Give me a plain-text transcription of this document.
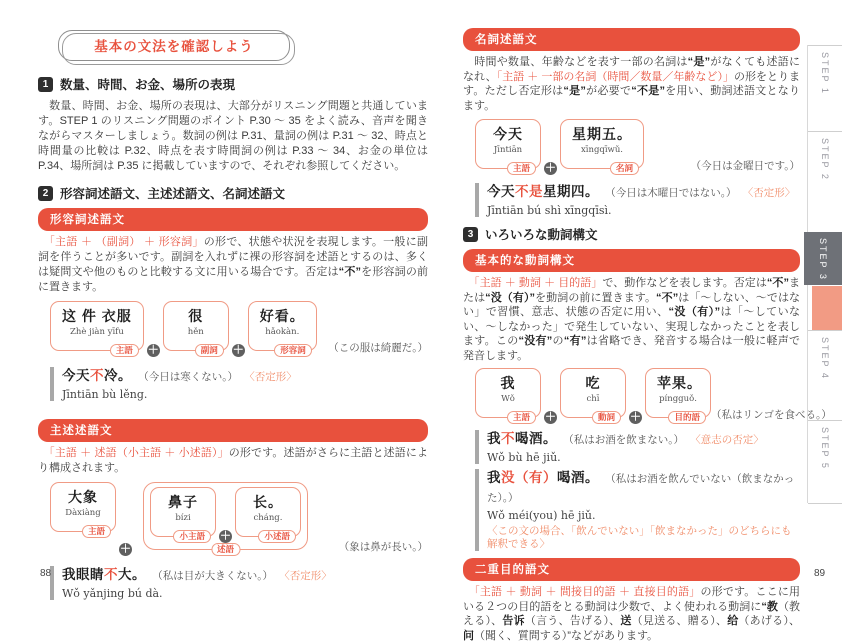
基本の文法を確認しよう
1 数量、時間、お金、場所の表現

　数量、時間、お金、場所の表現は、大部分がリスニング問題と共通しています。STEP 1 のリスニング問題のポイント P.30 ～ 35 をよく読み、音声を聞きながらマスターしましょう。数詞の例は P.31、量詞の例は P.31 ～ 32、時点と時間量の比較は P.32、時点を表す時間詞の例は P.33 ～ 34、お金の単位は P.34、場所詞は P.35 に掲載していますので、それぞれ参照してください。

2 形容詞述語文、主述述語文、名詞述語文
形容詞述語文

　「主語 ＋ （副詞） ＋ 形容詞」の形で、状態や状況を表現します。一般に副詞を伴うことが多いです。副詞を入れずに裸の形容詞を述語とするのは、多くは疑問文や他のものと比較する文に用いる場合です。否定は“不”を形容詞の前に置きます。

这 件 衣服
Zhè jiàn yīfu
主語	＋
很
hěn
副詞	＋
好看。
hǎokàn.
形容詞	（この服は綺麗だ。）
今天不冷。 （今日は寒くない。） 〈否定形〉
Jīntiān bù lěng.
主述述語文

　「主語 ＋ 述語（小主語 ＋ 小述語）」の形です。述語がさらに主語と述語により構成されます。

大象
Dàxiàng
主語
＋
鼻子
bízi
小主語	＋
长。
cháng.
小述語
述語	（象は鼻が長い。）
我眼睛不大。 （私は目が大きくない。） 〈否定形〉
Wǒ yǎnjing bú dà.
名詞述語文

　時間や数量、年齢などを表す一部の名詞は“是”がなくても述語になれ、「主語 ＋ 一部の名詞（時間／数量／年齢など）」の形をとります。ただし否定形は“是”が必要で“不是”を用い、動詞述語文となります。

今天
Jīntiān
主語	＋
星期五。
xīngqīwǔ.
名詞	（今日は金曜日です。）
今天不是星期四。 （今日は木曜日ではない。） 〈否定形〉
Jīntiān bú shì xīngqīsì.
3 いろいろな動詞構文
基本的な動詞構文

　「主語 ＋ 動詞 ＋ 目的語」で、動作などを表します。否定は“不”または“没（有）”を動詞の前に置きます。“不”は「～しない、～ではない」で習慣、意志、状態の否定に用い、“没（有）”は「～していない、～しなかった」で発生していない、実現しなかったことを表します。この“没有”の“有”は省略でき、発音する場合は一般に軽声で発音します。

我
Wǒ
主語	＋
吃
chī
動詞	＋
苹果。
píngguǒ.
目的語	（私はリンゴを食べる。）
我不喝酒。 （私はお酒を飲まない。） 〈意志の否定〉
Wǒ bù hē jiǔ.
我没（有）喝酒。 （私はお酒を飲んでいない（飲まなかった）。）
Wǒ méi(you) hē jiǔ.
〈この文の場合、「飲んでいない」「飲まなかった」のどちらにも解釈できる〉
二重目的語文

　「主語 ＋ 動詞 ＋ 間接目的語 ＋ 直接目的語」の形です。ここに用いる２つの目的語をとる動詞は少数で、よく使われる動詞に“教（教える）、告诉（言う、告げる）、送（見送る、贈る）、给（あげる）、问（聞く、質問する）”などがあります。

STEP 1
STEP 2
STEP 3
STEP 4
STEP 5
88	89
